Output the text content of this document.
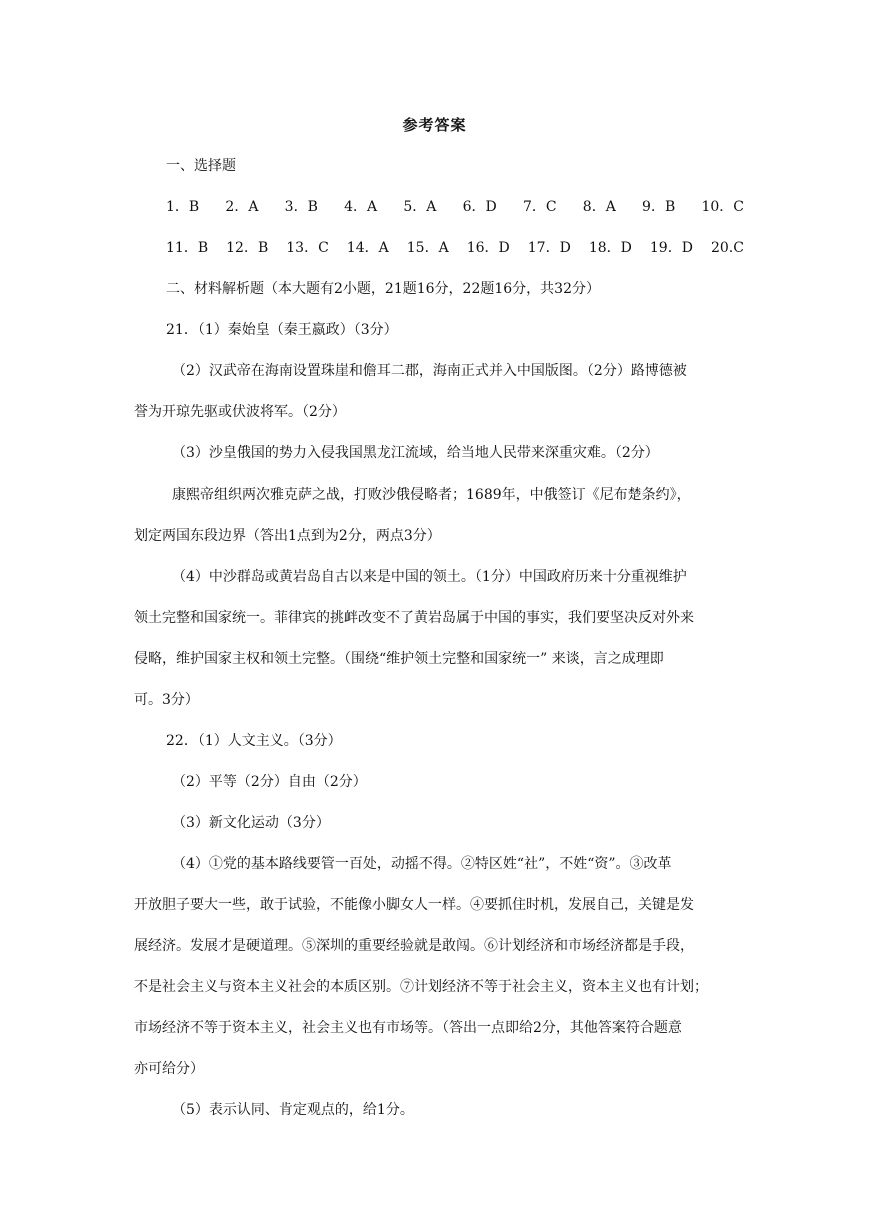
参考答案
一、选择题
1．B 2．A 3．B 4．A 5．A 6．D 7．C 8．A 9．B 10．C
11．B 12．B 13．C 14．A 15．A 16．D 17．D 18．D 19．D 20.C
二、材料解析题（本大题有2小题，21题16分，22题16分，共32分）
21．（1）秦始皇（秦王嬴政）（3分）
（2）汉武帝在海南设置珠崖和儋耳二郡，海南正式并入中国版图。（2分）路博德被
誉为开琼先驱或伏波将军。（2分）
（3）沙皇俄国的势力入侵我国黑龙江流域，给当地人民带来深重灾难。（2分）
康熙帝组织两次雅克萨之战，打败沙俄侵略者；1689年，中俄签订《尼布楚条约》，
划定两国东段边界（答出1点到为2分，两点3分）
（4）中沙群岛或黄岩岛自古以来是中国的领土。（1分）中国政府历来十分重视维护
领土完整和国家统一。菲律宾的挑衅改变不了黄岩岛属于中国的事实，我们要坚决反对外来
侵略，维护国家主权和领土完整。（围绕“维护领土完整和国家统一” 来谈，言之成理即
可。3分）
22．（1）人文主义。（3分）
（2）平等（2分）自由（2分）
（3）新文化运动（3分）
（4）①党的基本路线要管一百处，动摇不得。②特区姓“社”，不姓“资”。③改革
开放胆子要大一些，敢于试验，不能像小脚女人一样。④要抓住时机，发展自己，关键是发
展经济。发展才是硬道理。⑤深圳的重要经验就是敢闯。⑥计划经济和市场经济都是手段，
不是社会主义与资本主义社会的本质区别。⑦计划经济不等于社会主义，资本主义也有计划；
市场经济不等于资本主义，社会主义也有市场等。（答出一点即给2分，其他答案符合题意
亦可给分）
（5）表示认同、肯定观点的，给1分。
